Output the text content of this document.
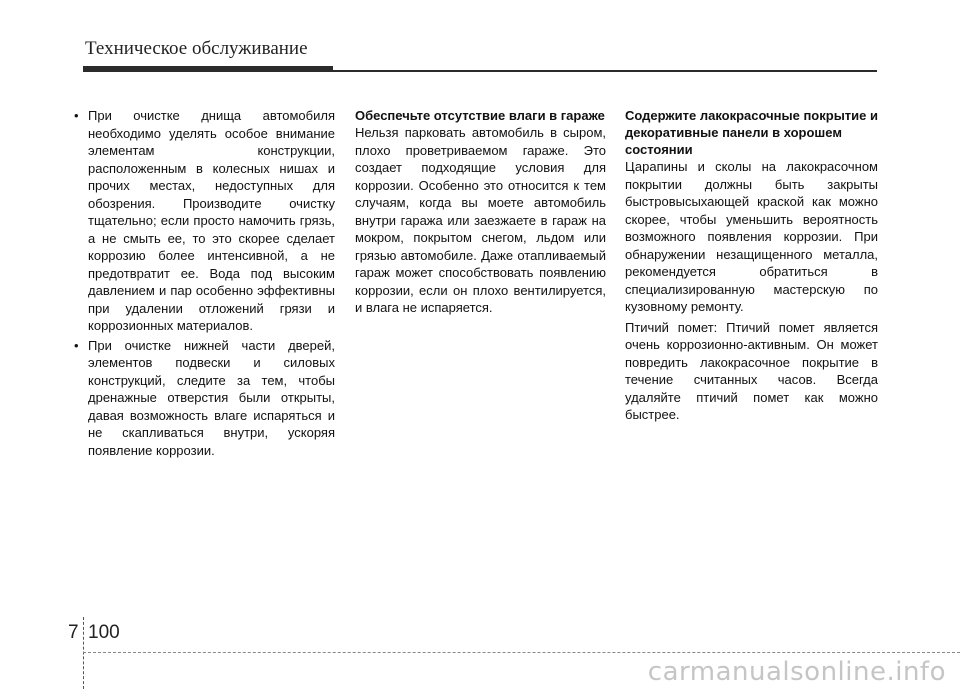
Техническое обслуживание
• При очистке днища автомобиля необходимо уделять особое внимание элементам конструкции, расположенным в колесных нишах и прочих местах, недоступных для обозрения. Производите очистку тщательно; если просто намочить грязь, а не смыть ее, то это скорее сделает коррозию более интенсивной, а не предотвратит ее. Вода под высоким давлением и пар особенно эффективны при удалении отложений грязи и коррозионных материалов.
• При очистке нижней части дверей, элементов подвески и силовых конструкций, следите за тем, чтобы дренажные отверстия были открыты, давая возможность влаге испаряться и не скапливаться внутри, ускоряя появление коррозии.

Обеспечьте отсутствие влаги в гараже

Нельзя парковать автомобиль в сыром, плохо проветриваемом гараже. Это создает подходящие условия для коррозии. Особенно это относится к тем случаям, когда вы моете автомобиль внутри гаража или заезжаете в гараж на мокром, покрытом снегом, льдом или грязью автомобиле. Даже отапливаемый гараж может способствовать появлению коррозии, если он плохо вентилируется, и влага не испаряется.

Содержите лакокрасочные покрытие и декоративные панели в хорошем состоянии

Царапины и сколы на лакокрасочном покрытии должны быть закрыты быстровысыхающей краской как можно скорее, чтобы уменьшить вероятность возможного появления коррозии. При обнаружении незащищенного металла, рекомендуется обратиться в специализированную мастерскую по кузовному ремонту.

Птичий помет: Птичий помет является очень коррозионно-активным. Он может повредить лакокрасочное покрытие в течение считанных часов. Всегда удаляйте птичий помет как можно быстрее.

7 100
carmanualsonline.info
